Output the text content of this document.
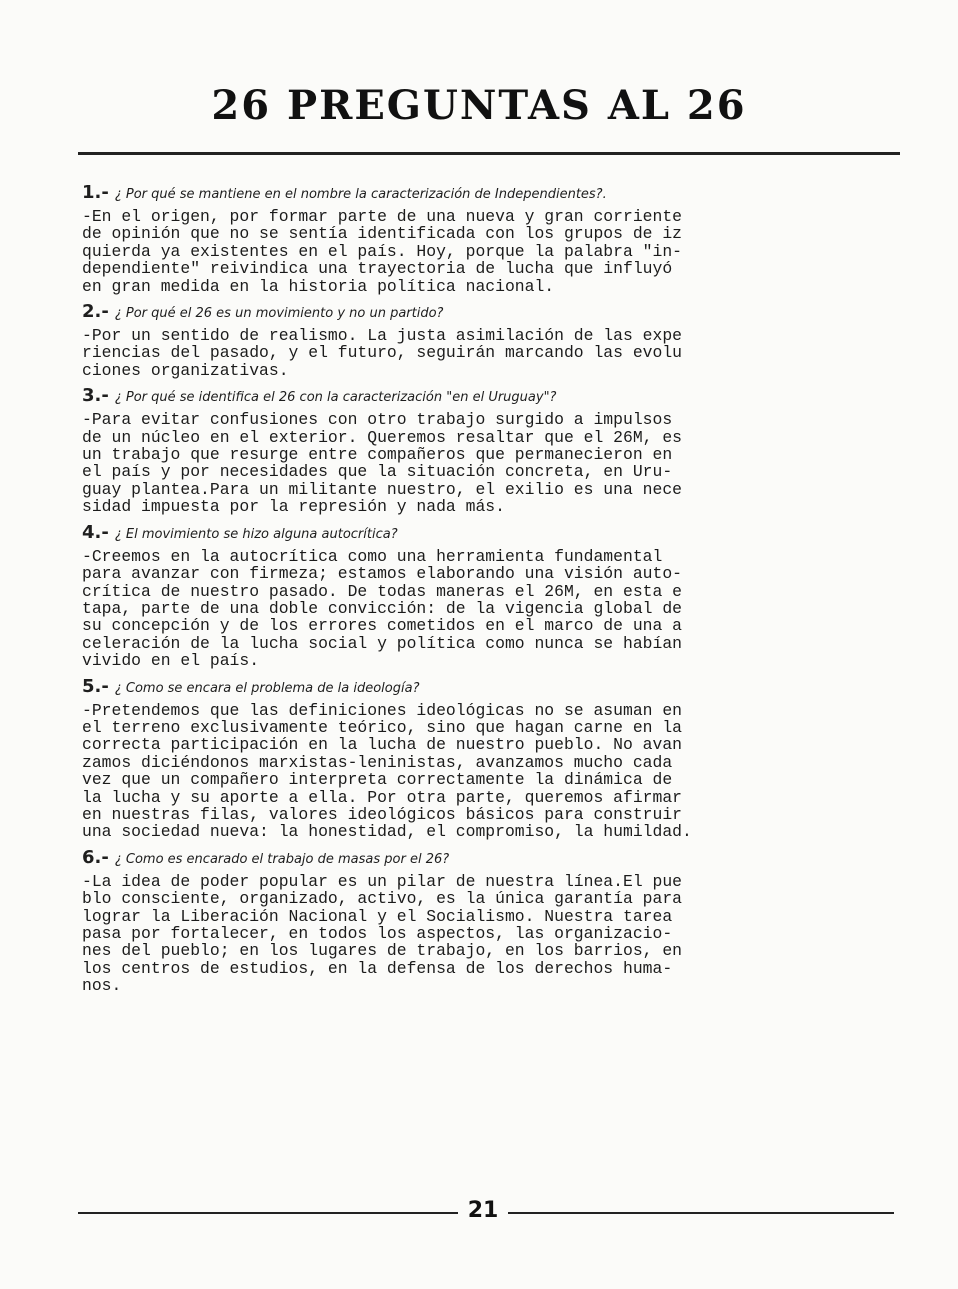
26 PREGUNTAS AL 26

1.- ¿ Por qué se mantiene en el nombre la caracterización de Independientes?.

-En el origen, por formar parte de una nueva y gran corriente
de opinión que no se sentía identificada con los grupos de iz
quierda ya existentes en el país. Hoy, porque la palabra "in-
dependiente" reivindica una trayectoria de lucha que influyó
en gran medida en la historia política nacional.

2.- ¿ Por qué el 26 es un movimiento y no un partido?

-Por un sentido de realismo. La justa asimilación de las expe
riencias del pasado, y el futuro, seguirán marcando las evolu
ciones organizativas.

3.- ¿ Por qué se identifica el 26 con la caracterización "en el Uruguay"?

-Para evitar confusiones con otro trabajo surgido a impulsos
de un núcleo en el exterior. Queremos resaltar que el 26M, es
un trabajo que resurge entre compañeros que permanecieron en
el país y por necesidades que la situación concreta, en Uru-
guay plantea.Para un militante nuestro, el exilio es una nece
sidad impuesta por la represión y nada más.

4.- ¿ El movimiento se hizo alguna autocrítica?

-Creemos en la autocrítica como una herramienta fundamental
para avanzar con firmeza; estamos elaborando una visión auto-
crítica de nuestro pasado. De todas maneras el 26M, en esta e
tapa, parte de una doble convicción: de la vigencia global de
su concepción y de los errores cometidos en el marco de una a
celeración de la lucha social y política como nunca se habían
vivido en el país.

5.- ¿ Como se encara el problema de la ideología?

-Pretendemos que las definiciones ideológicas no se asuman en
el terreno exclusivamente teórico, sino que hagan carne en la
correcta participación en la lucha de nuestro pueblo. No avan
zamos diciéndonos marxistas-leninistas, avanzamos mucho cada
vez que un compañero interpreta correctamente la dinámica de
la lucha y su aporte a ella. Por otra parte, queremos afirmar
en nuestras filas, valores ideológicos básicos para construir
una sociedad nueva: la honestidad, el compromiso, la humildad.

6.- ¿ Como es encarado el trabajo de masas por el 26?

-La idea de poder popular es un pilar de nuestra línea.El pue
blo consciente, organizado, activo, es la única garantía para
lograr la Liberación Nacional y el Socialismo. Nuestra tarea
pasa por fortalecer, en todos los aspectos, las organizacio-
nes del pueblo; en los lugares de trabajo, en los barrios, en
los centros de estudios, en la defensa de los derechos huma-
nos.
21
